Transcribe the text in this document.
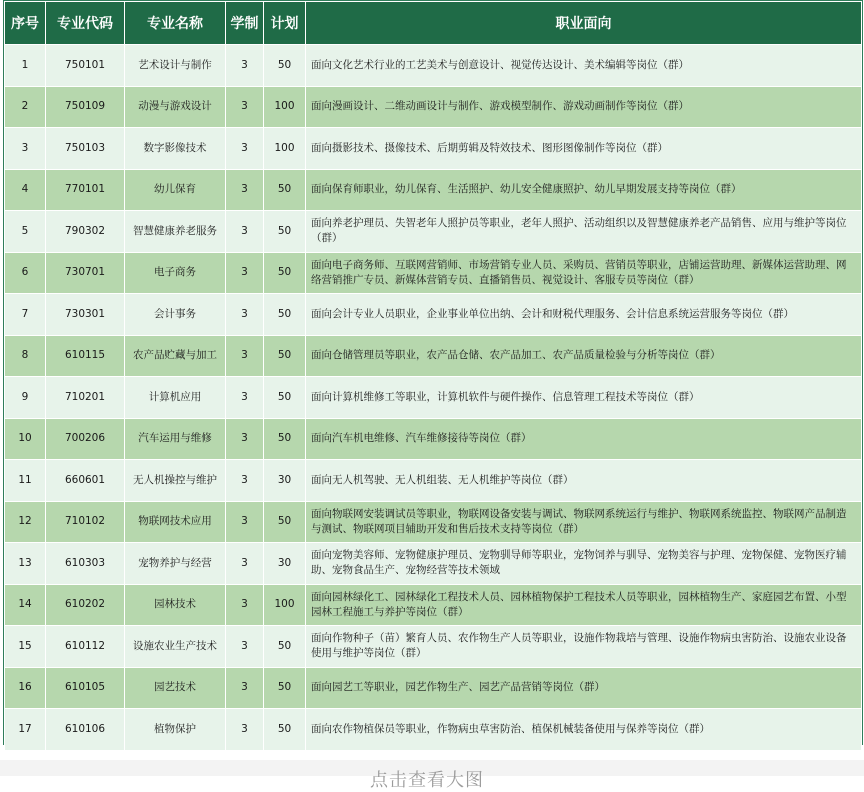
序号	专业代码	专业名称	学制	计划	职业面向
1	750101	艺术设计与制作	3	50	面向文化艺术行业的工艺美术与创意设计、视觉传达设计、美术编辑等岗位（群）
2	750109	动漫与游戏设计	3	100	面向漫画设计、二维动画设计与制作、游戏模型制作、游戏动画制作等岗位（群）
3	750103	数字影像技术	3	100	面向摄影技术、摄像技术、后期剪辑及特效技术、图形图像制作等岗位（群）
4	770101	幼儿保育	3	50	面向保育师职业，幼儿保育、生活照护、幼儿安全健康照护、幼儿早期发展支持等岗位（群）
5	790302	智慧健康养老服务	3	50	面向养老护理员、失智老年人照护员等职业，老年人照护、活动组织以及智慧健康养老产品销售、应用与维护等岗位（群）
6	730701	电子商务	3	50	面向电子商务师、互联网营销师、市场营销专业人员、采购员、营销员等职业，店铺运营助理、新媒体运营助理、网络营销推广专员、新媒体营销专员、直播销售员、视觉设计、客服专员等岗位（群）
7	730301	会计事务	3	50	面向会计专业人员职业，企业事业单位出纳、会计和财税代理服务、会计信息系统运营服务等岗位（群）
8	610115	农产品贮藏与加工	3	50	面向仓储管理员等职业，农产品仓储、农产品加工、农产品质量检验与分析等岗位（群）
9	710201	计算机应用	3	50	面向计算机维修工等职业，计算机软件与硬件操作、信息管理工程技术等岗位（群）
10	700206	汽车运用与维修	3	50	面向汽车机电维修、汽车维修接待等岗位（群）
11	660601	无人机操控与维护	3	30	面向无人机驾驶、无人机组装、无人机维护等岗位（群）
12	710102	物联网技术应用	3	50	面向物联网安装调试员等职业，物联网设备安装与调试、物联网系统运行与维护、物联网系统监控、物联网产品制造与测试、物联网项目辅助开发和售后技术支持等岗位（群）
13	610303	宠物养护与经营	3	30	面向宠物美容师、宠物健康护理员、宠物驯导师等职业，宠物饲养与驯导、宠物美容与护理、宠物保健、宠物医疗辅助、宠物食品生产、宠物经营等技术领域
14	610202	园林技术	3	100	面向园林绿化工、园林绿化工程技术人员、园林植物保护工程技术人员等职业，园林植物生产、家庭园艺布置、小型园林工程施工与养护等岗位（群）
15	610112	设施农业生产技术	3	50	面向作物种子（苗）繁育人员、农作物生产人员等职业，设施作物栽培与管理、设施作物病虫害防治、设施农业设备使用与维护等岗位（群）
16	610105	园艺技术	3	50	面向园艺工等职业，园艺作物生产、园艺产品营销等岗位（群）
17	610106	植物保护	3	50	面向农作物植保员等职业，作物病虫草害防治、植保机械装备使用与保养等岗位（群）
点击查看大图
